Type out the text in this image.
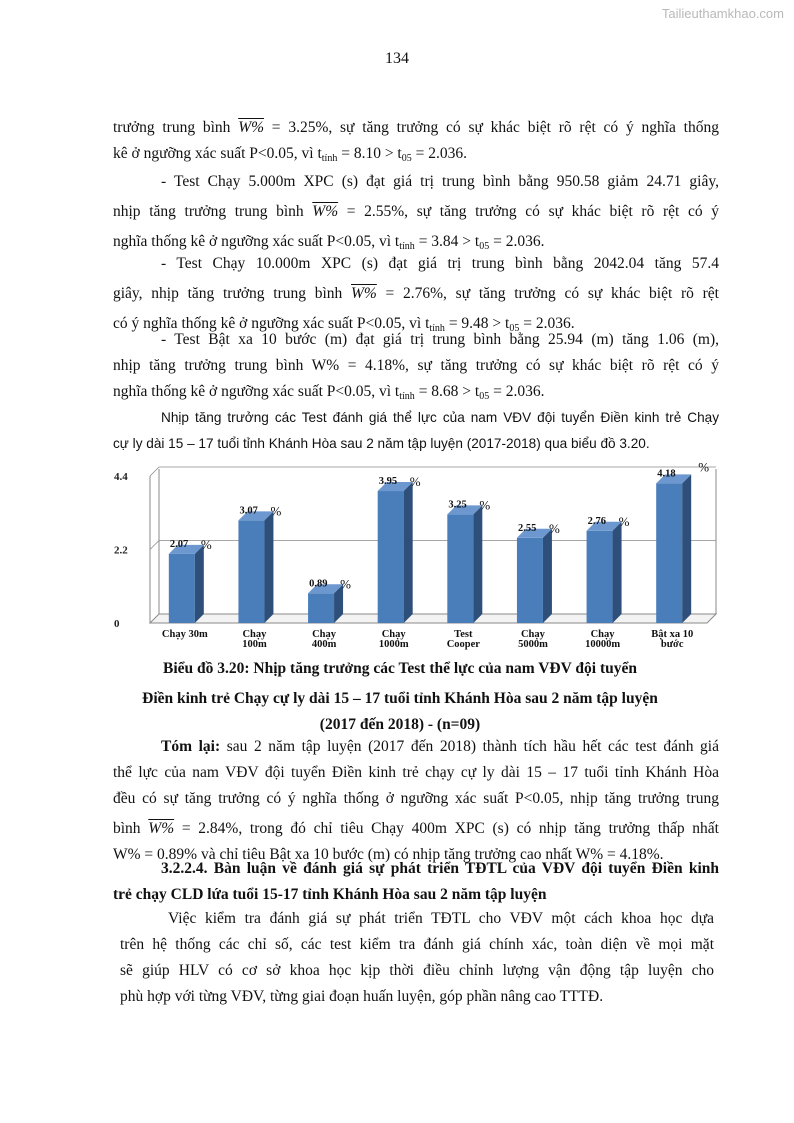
Tailieuthamkhao.com
134
trưởng trung bình W% = 3.25%, sự tăng trưởng có sự khác biệt rõ rệt có ý nghĩa thống
kê ở ngưỡng xác suất P<0.05, vì $t_{tính} = 8.10 > t_{05} = 2.036$.
- Test Chạy 5.000m XPC (s) đạt giá trị trung bình bằng 950.58 giảm 24.71 giây,
nhịp tăng trưởng trung bình W% = 2.55%, sự tăng trưởng có sự khác biệt rõ rệt có ý
nghĩa thống kê ở ngưỡng xác suất P<0.05, vì $t_{tính} = 3.84 > t_{05} = 2.036$.
- Test Chạy 10.000m XPC (s) đạt giá trị trung bình bằng 2042.04 tăng 57.4
giây, nhịp tăng trưởng trung bình W% = 2.76%, sự tăng trưởng có sự khác biệt rõ rệt
có ý nghĩa thống kê ở ngưỡng xác suất P<0.05, vì $t_{tính} = 9.48 > t_{05} = 2.036$.
- Test Bật xa 10 bước (m) đạt giá trị trung bình bằng 25.94 (m) tăng 1.06 (m),
nhịp tăng trưởng trung bình W% = 4.18%, sự tăng trưởng có sự khác biệt rõ rệt có ý
nghĩa thống kê ở ngưỡng xác suất P<0.05, vì $t_{tính} = 8.68 > t_{05} = 2.036$.
Nhịp tăng trưởng các Test đánh giá thể lực của nam VĐV đội tuyển Điền kinh trẻ Chạy
cự ly dài 15 – 17 tuổi tỉnh Khánh Hòa sau 2 năm tập luyện (2017-2018) qua biểu đồ 3.20.
0
2.2
4.4
2.07 %
Chạy 30m
3.07 %
Chạy
100m
0.89 %
Chạy
400m
3.95 %
Chạy
1000m
3.25 %
Test
Cooper
2.55 %
Chạy
5000m
2.76 %
Chạy
10000m
4.18 %
Bật xa 10
bước
Biểu đồ 3.20: Nhịp tăng trưởng các Test thể lực của nam VĐV đội tuyển
Điền kinh trẻ Chạy cự ly dài 15 – 17 tuổi tỉnh Khánh Hòa sau 2 năm tập luyện
(2017 đến 2018) - (n=09)
Tóm lại: sau 2 năm tập luyện (2017 đến 2018) thành tích hầu hết các test đánh giá
thể lực của nam VĐV đội tuyển Điền kinh trẻ chạy cự ly dài 15 – 17 tuổi tỉnh Khánh Hòa
đều có sự tăng trưởng có ý nghĩa thống ở ngưỡng xác suất P<0.05, nhịp tăng trưởng trung
bình W% = 2.84%, trong đó chỉ tiêu Chạy 400m XPC (s) có nhịp tăng trưởng thấp nhất
W% = 0.89% và chỉ tiêu Bật xa 10 bước (m) có nhịp tăng trưởng cao nhất W% = 4.18%.
3.2.2.4. Bàn luận về đánh giá sự phát triển TĐTL của VĐV đội tuyển Điền kinh
trẻ chạy CLD lứa tuổi 15-17 tỉnh Khánh Hòa sau 2 năm tập luyện
Việc kiểm tra đánh giá sự phát triển TĐTL cho VĐV một cách khoa học dựa
trên hệ thống các chỉ số, các test kiểm tra đánh giá chính xác, toàn diện về mọi mặt
sẽ giúp HLV có cơ sở khoa học kịp thời điều chỉnh lượng vận động tập luyện cho
phù hợp với từng VĐV, từng giai đoạn huấn luyện, góp phần nâng cao TTTĐ.
